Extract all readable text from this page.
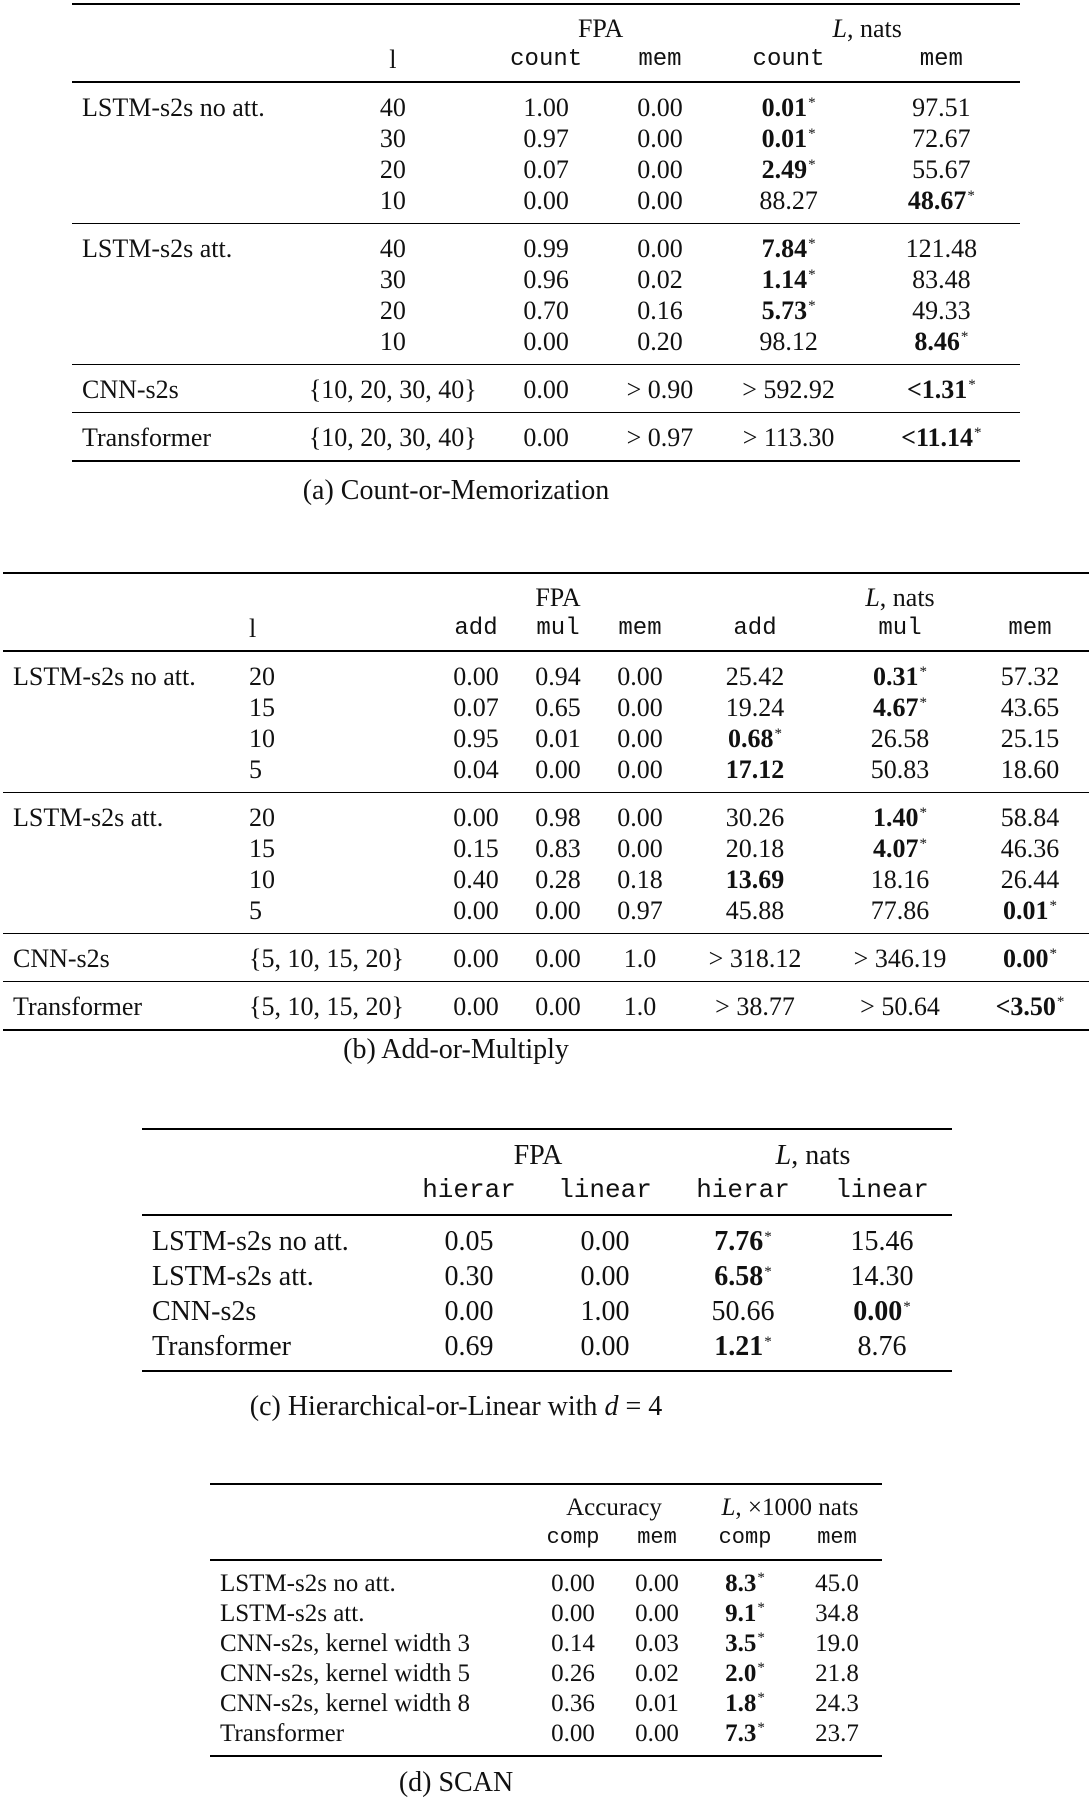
		FPA		L, nats	
	l	count	mem	count	mem
LSTM-s2s no att.	40	1.00	0.00	0.01*	97.51
	30	0.97	0.00	0.01*	72.67
	20	0.07	0.00	2.49*	55.67
	10	0.00	0.00	88.27	48.67*
LSTM-s2s att.	40	0.99	0.00	7.84*	121.48
	30	0.96	0.02	1.14*	83.48
	20	0.70	0.16	5.73*	49.33
	10	0.00	0.20	98.12	8.46*
CNN-s2s	{10, 20, 30, 40}	0.00	> 0.90	> 592.92	<1.31*
Transformer	{10, 20, 30, 40}	0.00	> 0.97	> 113.30	<11.14*
(a) Count-or-Memorization
			FPA			L, nats	
	l	add	mul	mem	add	mul	mem
LSTM-s2s no att.	20	0.00	0.94	0.00	25.42	0.31*	57.32
	15	0.07	0.65	0.00	19.24	4.67*	43.65
	10	0.95	0.01	0.00	0.68*	26.58	25.15
	5	0.04	0.00	0.00	17.12	50.83	18.60
LSTM-s2s att.	20	0.00	0.98	0.00	30.26	1.40*	58.84
	15	0.15	0.83	0.00	20.18	4.07*	46.36
	10	0.40	0.28	0.18	13.69	18.16	26.44
	5	0.00	0.00	0.97	45.88	77.86	0.01*
CNN-s2s	{5, 10, 15, 20}	0.00	0.00	1.0	> 318.12	> 346.19	0.00*
Transformer	{5, 10, 15, 20}	0.00	0.00	1.0	> 38.77	> 50.64	<3.50*
(b) Add-or-Multiply
	FPA		L, nats	
	hierar	linear	hierar	linear
LSTM-s2s no att.	0.05	0.00	7.76*	15.46
LSTM-s2s att.	0.30	0.00	6.58*	14.30
CNN-s2s	0.00	1.00	50.66	0.00*
Transformer	0.69	0.00	1.21*	8.76
(c) Hierarchical-or-Linear with d = 4
	Accuracy		L, ×1000 nats	
	comp	mem	comp	mem
LSTM-s2s no att.	0.00	0.00	8.3*	45.0
LSTM-s2s att.	0.00	0.00	9.1*	34.8
CNN-s2s, kernel width 3	0.14	0.03	3.5*	19.0
CNN-s2s, kernel width 5	0.26	0.02	2.0*	21.8
CNN-s2s, kernel width 8	0.36	0.01	1.8*	24.3
Transformer	0.00	0.00	7.3*	23.7
(d) SCAN
